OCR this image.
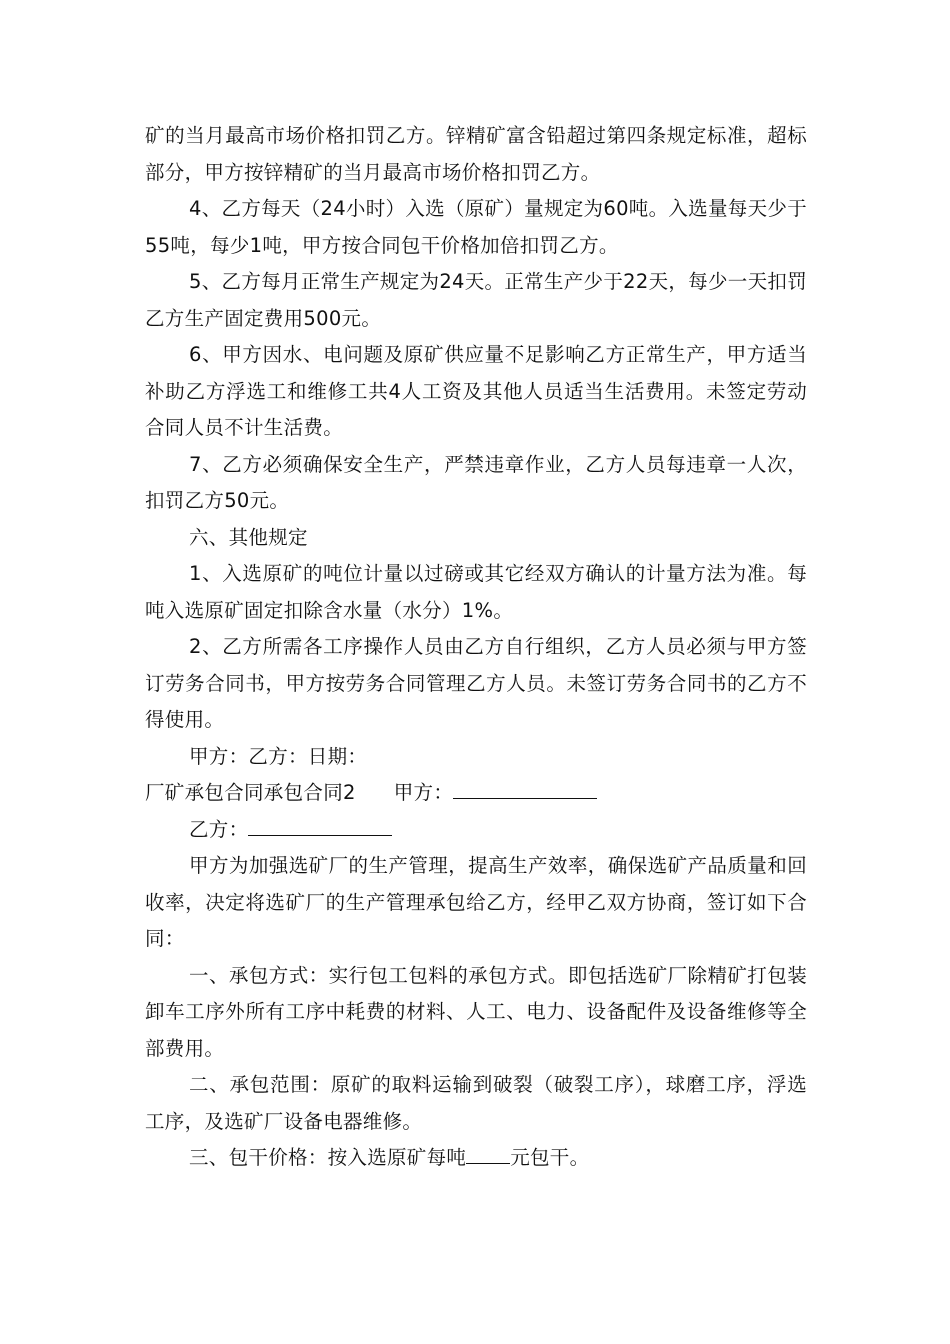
矿的当月最高市场价格扣罚乙方。锌精矿富含铅超过第四条规定标准，超标部分，甲方按锌精矿的当月最高市场价格扣罚乙方。

4、乙方每天（24小时）入选（原矿）量规定为60吨。入选量每天少于55吨，每少1吨，甲方按合同包干价格加倍扣罚乙方。

5、乙方每月正常生产规定为24天。正常生产少于22天，每少一天扣罚乙方生产固定费用500元。

6、甲方因水、电问题及原矿供应量不足影响乙方正常生产，甲方适当补助乙方浮选工和维修工共4人工资及其他人员适当生活费用。未签定劳动合同人员不计生活费。

7、乙方必须确保安全生产，严禁违章作业，乙方人员每违章一人次，扣罚乙方50元。

六、其他规定

1、入选原矿的吨位计量以过磅或其它经双方确认的计量方法为准。每吨入选原矿固定扣除含水量（水分）1%。

2、乙方所需各工序操作人员由乙方自行组织，乙方人员必须与甲方签订劳务合同书，甲方按劳务合同管理乙方人员。未签订劳务合同书的乙方不得使用。

甲方：乙方：日期：

厂矿承包合同承包合同2 甲方：

乙方：

甲方为加强选矿厂的生产管理，提高生产效率，确保选矿产品质量和回收率，决定将选矿厂的生产管理承包给乙方，经甲乙双方协商，签订如下合同：

一、承包方式：实行包工包料的承包方式。即包括选矿厂除精矿打包装卸车工序外所有工序中耗费的材料、人工、电力、设备配件及设备维修等全部费用。

二、承包范围：原矿的取料运输到破裂（破裂工序），球磨工序，浮选工序，及选矿厂设备电器维修。

三、包干价格：按入选原矿每吨 元包干。
